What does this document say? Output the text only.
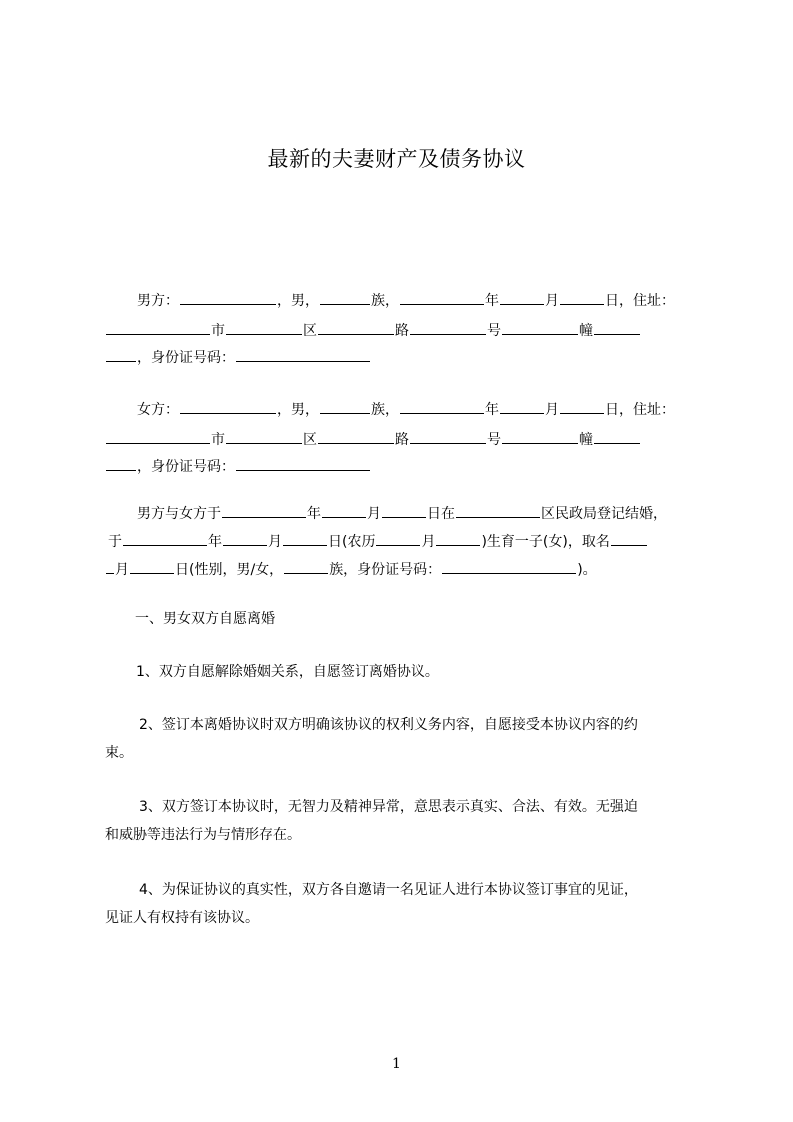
最新的夫妻财产及债务协议
男方：	，男，	族，	年	月	日，住址：
市	区	路	号	幢
，身份证号码：
女方：	，男，	族，	年	月	日，住址：
市	区	路	号	幢
，身份证号码：
男方与女方于	年	月	日在	区民政局登记结婚，
于	年	月	日(农历	月	)生育一子(女)，取名
月	日(性别，男/女，	族，身份证号码：	)。
一、男女双方自愿离婚
1、双方自愿解除婚姻关系，自愿签订离婚协议。
2、签订本离婚协议时双方明确该协议的权利义务内容，自愿接受本协议内容的约
束。
3、双方签订本协议时，无智力及精神异常，意思表示真实、合法、有效。无强迫
和威胁等违法行为与情形存在。
4、为保证协议的真实性，双方各自邀请一名见证人进行本协议签订事宜的见证，
见证人有权持有该协议。
1
